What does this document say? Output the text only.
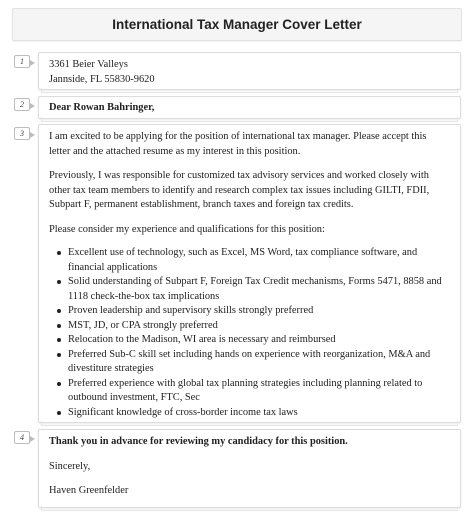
International Tax Manager Cover Letter
1	3361 Beier Valleys
Jannside, FL 55830-9620
2	Dear Rowan Bahringer,
3	I am excited to be applying for the position of international tax manager. Please accept this letter and the attached resume as my interest in this position.

Previously, I was responsible for customized tax advisory services and worked closely with other tax team members to identify and research complex tax issues including GILTI, FDII, Subpart F, permanent establishment, branch taxes and foreign tax credits.

Please consider my experience and qualifications for this position:

Excellent use of technology, such as Excel, MS Word, tax compliance software, and financial applications
Solid understanding of Subpart F, Foreign Tax Credit mechanisms, Forms 5471, 8858 and 1118 check-the-box tax implications
Proven leadership and supervisory skills strongly preferred
MST, JD, or CPA strongly preferred
Relocation to the Madison, WI area is necessary and reimbursed
Preferred Sub-C skill set including hands on experience with reorganization, M&A and divestiture strategies
Preferred experience with global tax planning strategies including planning related to outbound investment, FTC, Sec
Significant knowledge of cross-border income tax laws
4	Thank you in advance for reviewing my candidacy for this position.
Sincerely,
Haven Greenfelder
